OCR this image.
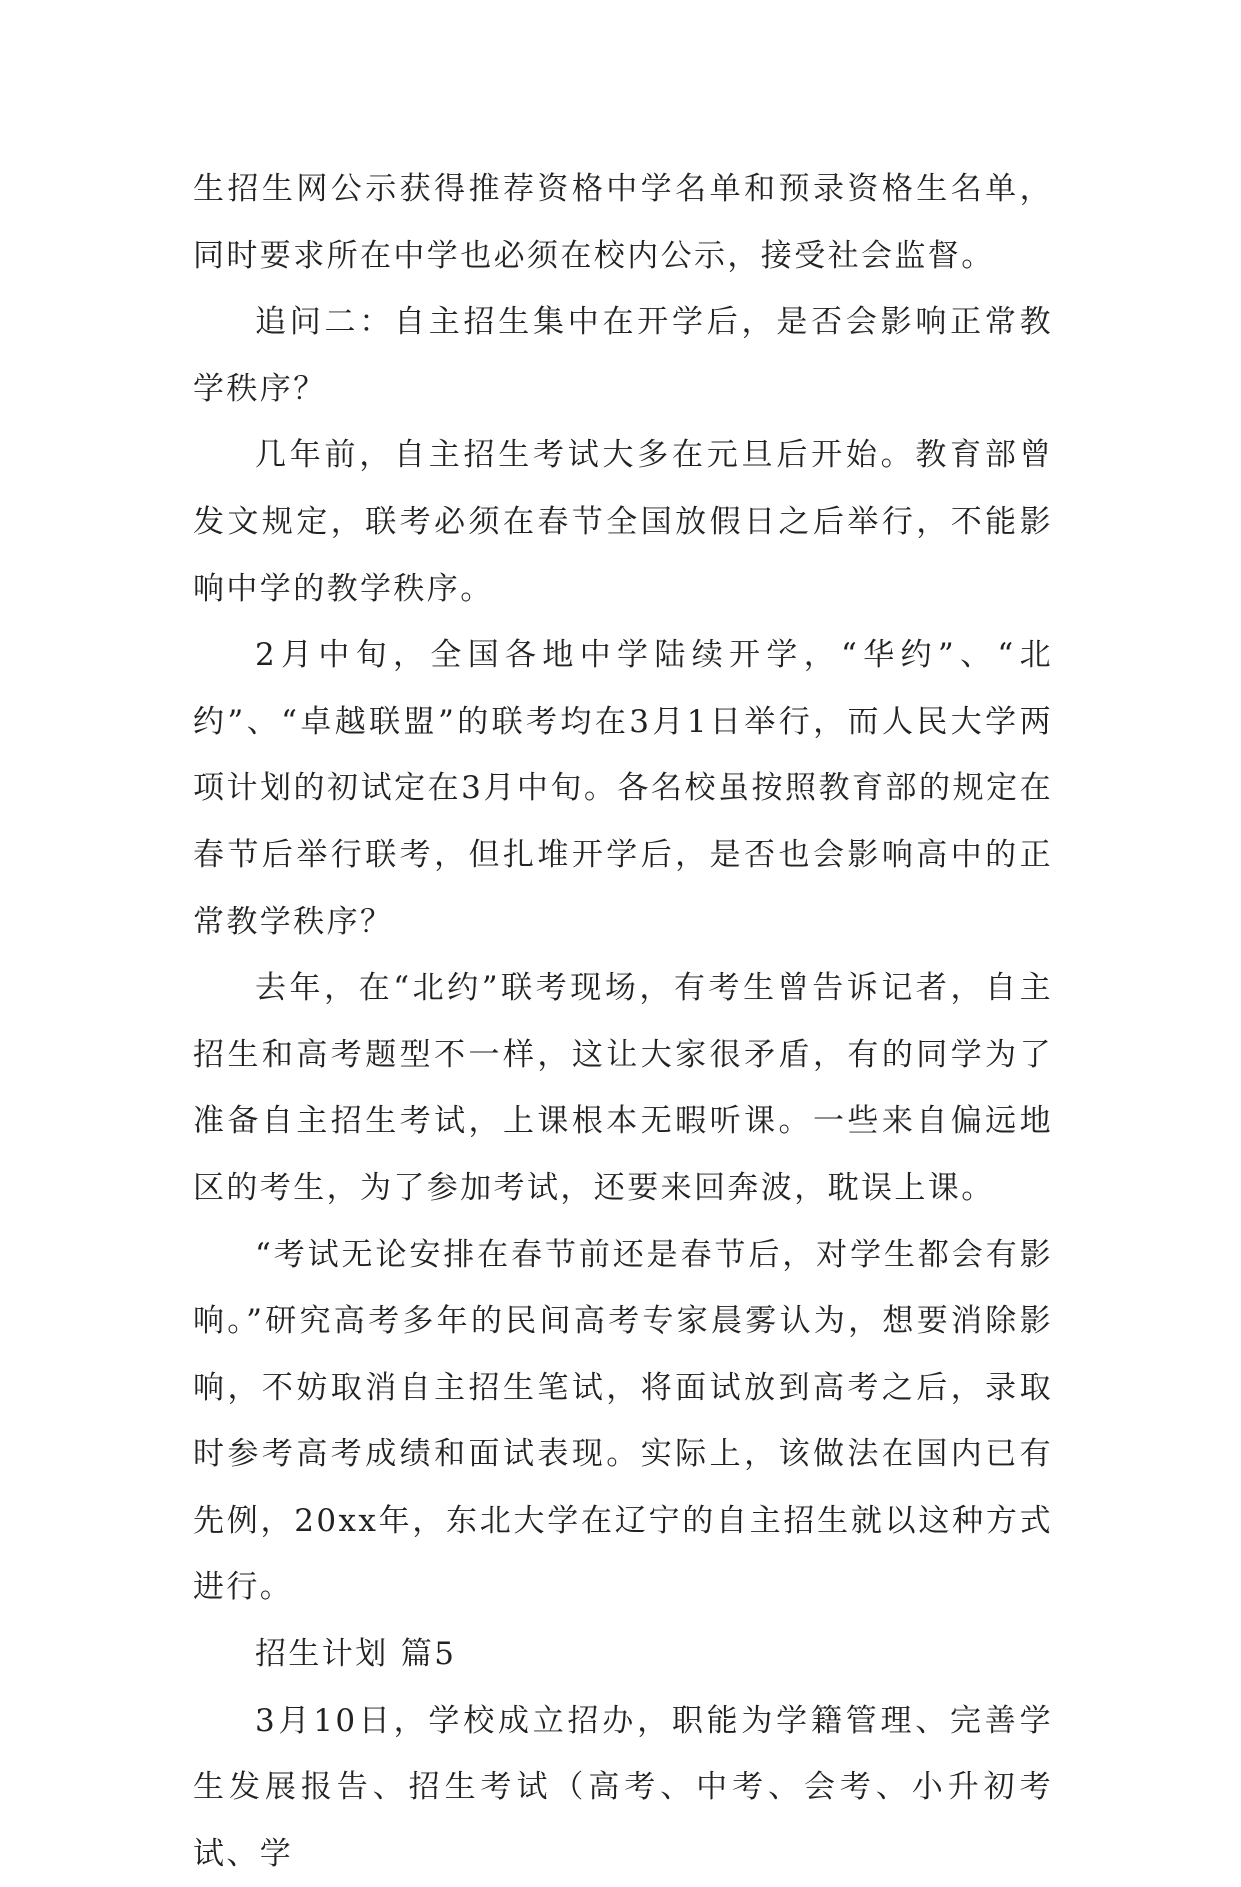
生招生网公示获得推荐资格中学名单和预录资格生名单，同时要求所在中学也必须在校内公示，接受社会监督。

追问二：自主招生集中在开学后，是否会影响正常教学秩序？

几年前，自主招生考试大多在元旦后开始。教育部曾发文规定，联考必须在春节全国放假日之后举行，不能影响中学的教学秩序。

2月中旬，全国各地中学陆续开学，“华约”、“北约”、“卓越联盟”的联考均在3月1日举行，而人民大学两项计划的初试定在3月中旬。各名校虽按照教育部的规定在春节后举行联考，但扎堆开学后，是否也会影响高中的正常教学秩序？

去年，在“北约”联考现场，有考生曾告诉记者，自主招生和高考题型不一样，这让大家很矛盾，有的同学为了准备自主招生考试，上课根本无暇听课。一些来自偏远地区的考生，为了参加考试，还要来回奔波，耽误上课。

“考试无论安排在春节前还是春节后，对学生都会有影响。”研究高考多年的民间高考专家晨雾认为，想要消除影响，不妨取消自主招生笔试，将面试放到高考之后，录取时参考高考成绩和面试表现。实际上，该做法在国内已有先例，20xx年，东北大学在辽宁的自主招生就以这种方式进行。

招生计划 篇5

3月10日，学校成立招办，职能为学籍管理、完善学生发展报告、招生考试（高考、中考、会考、小升初考试、学
